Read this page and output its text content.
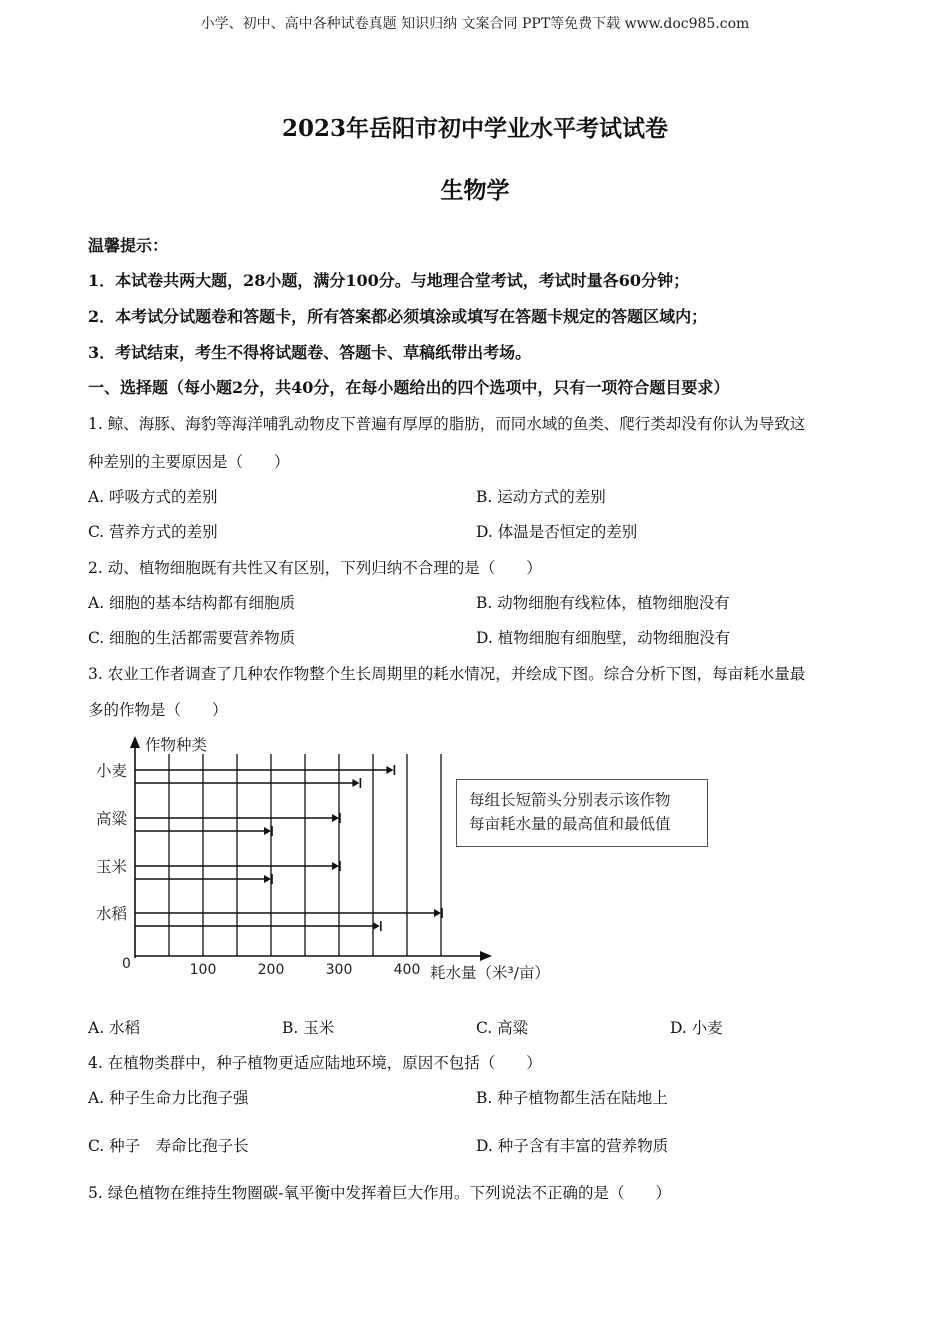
小学、初中、高中各种试卷真题 知识归纳 文案合同 PPT等免费下载 www.doc985.com
2023年岳阳市初中学业水平考试试卷
生物学
温馨提示：
1．本试卷共两大题，28小题，满分100分。与地理合堂考试，考试时量各60分钟；
2．本考试分试题卷和答题卡，所有答案都必须填涂或填写在答题卡规定的答题区域内；
3．考试结束，考生不得将试题卷、答题卡、草稿纸带出考场。
一、选择题（每小题2分，共40分，在每小题给出的四个选项中，只有一项符合题目要求）
1. 鲸、海豚、海豹等海洋哺乳动物皮下普遍有厚厚的脂肪，而同水域的鱼类、爬行类却没有你认为导致这
种差别的主要原因是（　　）
A. 呼吸方式的差别	B. 运动方式的差别
C. 营养方式的差别	D. 体温是否恒定的差别
2. 动、植物细胞既有共性又有区别，下列归纳不合理的是（　　）
A. 细胞的基本结构都有细胞质	B. 动物细胞有线粒体，植物细胞没有
C. 细胞的生活都需要营养物质	D. 植物细胞有细胞壁，动物细胞没有
3. 农业工作者调查了几种农作物整个生长周期里的耗水情况，并绘成下图。综合分析下图，每亩耗水量最
多的作物是（　　）
作物种类
0	耗水量（米³/亩）
100	200	300	400
小麦
高粱
玉米
水稻
每组长短箭头分别表示该作物
每亩耗水量的最高值和最低值
A. 水稻	B. 玉米	C. 高粱	D. 小麦
4. 在植物类群中，种子植物更适应陆地环境，原因不包括（　　）
A. 种子生命力比孢子强	B. 种子植物都生活在陆地上
C. 种子　寿命比孢子长	D. 种子含有丰富的营养物质
5. 绿色植物在维持生物圈碳-氧平衡中发挥着巨大作用。下列说法不正确的是（　　）
